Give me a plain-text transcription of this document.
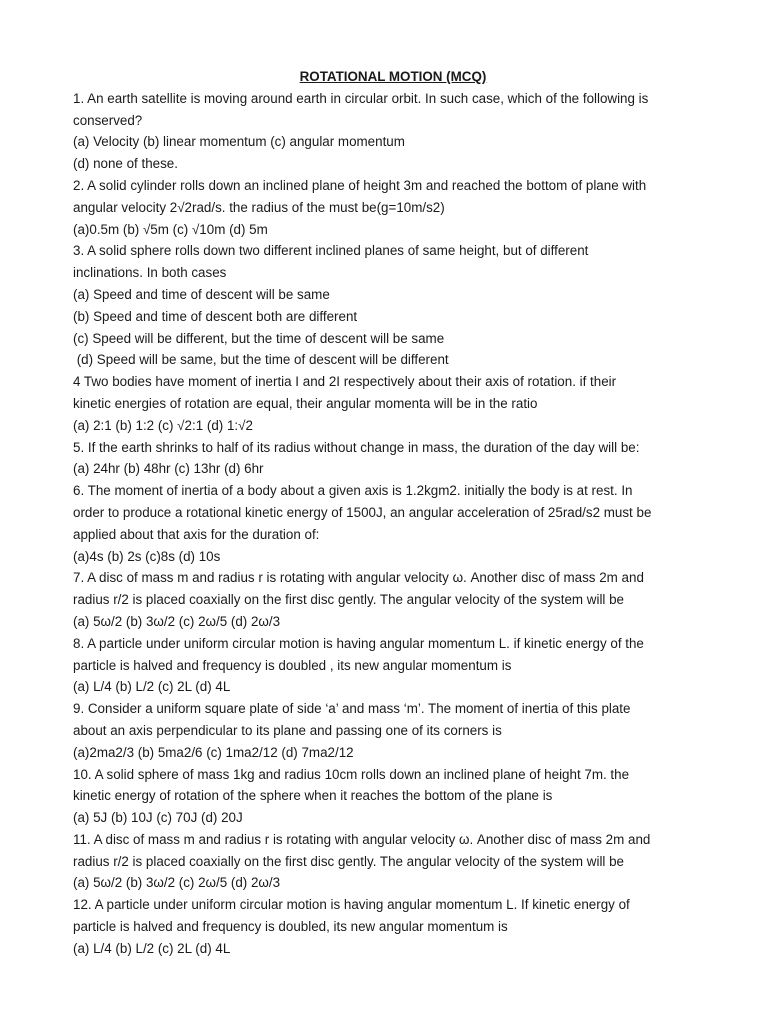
ROTATIONAL MOTION (MCQ)

1. An earth satellite is moving around earth in circular orbit. In such case, which of the following is

conserved?

(a) Velocity (b) linear momentum (c) angular momentum

(d) none of these.

2. A solid cylinder rolls down an inclined plane of height 3m and reached the bottom of plane with

angular velocity 2√2rad/s. the radius of the must be(g=10m/s2)

(a)0.5m (b) √5m (c) √10m (d) 5m

3. A solid sphere rolls down two different inclined planes of same height, but of different

inclinations. In both cases

(a) Speed and time of descent will be same

(b) Speed and time of descent both are different

(c) Speed will be different, but the time of descent will be same

(d) Speed will be same, but the time of descent will be different

4 Two bodies have moment of inertia I and 2I respectively about their axis of rotation. if their

kinetic energies of rotation are equal, their angular momenta will be in the ratio

(a) 2:1 (b) 1:2 (c) √2:1 (d) 1:√2

5. If the earth shrinks to half of its radius without change in mass, the duration of the day will be:

(a) 24hr (b) 48hr (c) 13hr (d) 6hr

6. The moment of inertia of a body about a given axis is 1.2kgm2. initially the body is at rest. In

order to produce a rotational kinetic energy of 1500J, an angular acceleration of 25rad/s2 must be

applied about that axis for the duration of:

(a)4s (b) 2s (c)8s (d) 10s

7. A disc of mass m and radius r is rotating with angular velocity ω. Another disc of mass 2m and

radius r/2 is placed coaxially on the first disc gently. The angular velocity of the system will be

(a) 5ω/2 (b) 3ω/2 (c) 2ω/5 (d) 2ω/3

8. A particle under uniform circular motion is having angular momentum L. if kinetic energy of the

particle is halved and frequency is doubled , its new angular momentum is

(a) L/4 (b) L/2 (c) 2L (d) 4L

9. Consider a uniform square plate of side ‘a’ and mass ‘m’. The moment of inertia of this plate

about an axis perpendicular to its plane and passing one of its corners is

(a)2ma2/3 (b) 5ma2/6 (c) 1ma2/12 (d) 7ma2/12

10. A solid sphere of mass 1kg and radius 10cm rolls down an inclined plane of height 7m. the

kinetic energy of rotation of the sphere when it reaches the bottom of the plane is

(a) 5J (b) 10J (c) 70J (d) 20J

11. A disc of mass m and radius r is rotating with angular velocity ω. Another disc of mass 2m and

radius r/2 is placed coaxially on the first disc gently. The angular velocity of the system will be

(a) 5ω/2 (b) 3ω/2 (c) 2ω/5 (d) 2ω/3

12. A particle under uniform circular motion is having angular momentum L. If kinetic energy of

particle is halved and frequency is doubled, its new angular momentum is

(a) L/4 (b) L/2 (c) 2L (d) 4L
